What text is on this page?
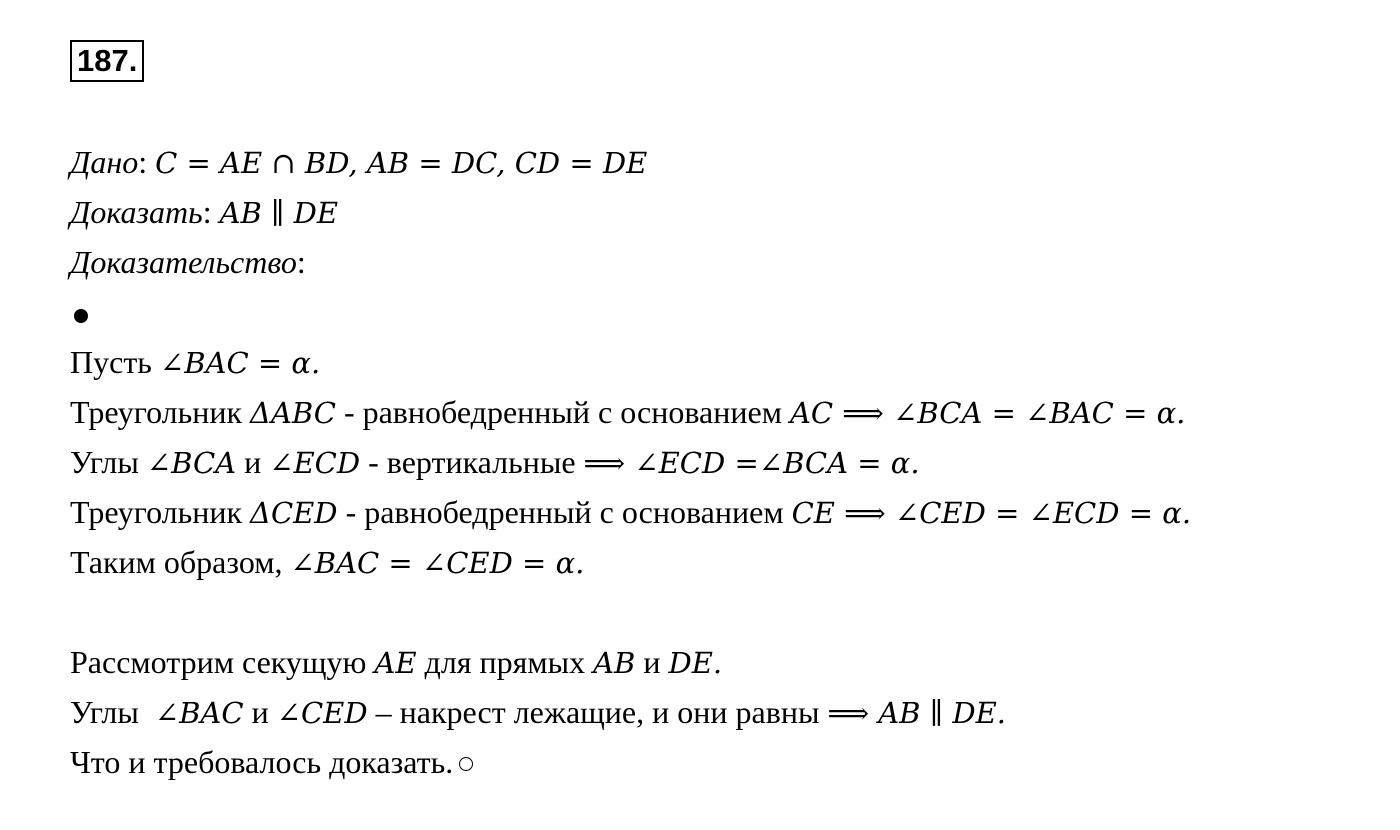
187.
Дано: C = AE ∩ BD, AB = DC, CD = DE
Доказать: AB ∥ DE
Доказательство:
Пусть ∠BAC = α.
Треугольник ΔABC - равнобедренный с основанием AC ⟹ ∠BCA = ∠BAC = α.
Углы ∠BCA и ∠ECD - вертикальные ⟹ ∠ECD =∠BCA = α.
Треугольник ΔCED - равнобедренный с основанием CE ⟹ ∠CED = ∠ECD = α.
Таким образом, ∠BAC = ∠CED = α.
Рассмотрим секущую AE для прямых AB и DE.
Углы  ∠BAC и ∠CED – накрест лежащие, и они равны ⟹ AB ∥ DE.
Что и требовалось доказать.
